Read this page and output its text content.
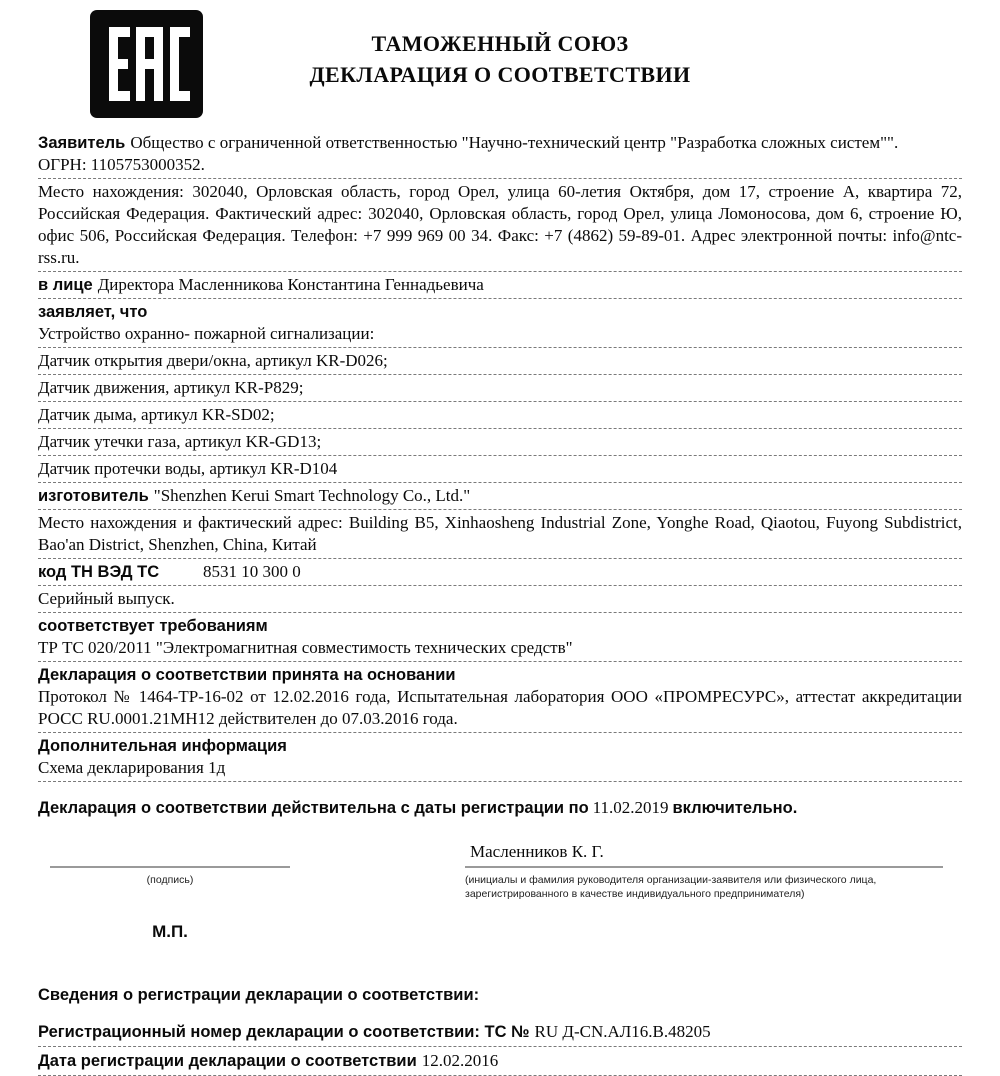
ТАМОЖЕННЫЙ СОЮЗ
ДЕКЛАРАЦИЯ О СООТВЕТСТВИИ
Заявитель Общество с ограниченной ответственностью "Научно-технический центр "Разработка сложных систем"".
ОГРН: 1105753000352.
Место нахождения: 302040, Орловская область, город Орел, улица 60-летия Октября, дом 17, строение А, квартира 72, Российская Федерация. Фактический адрес: 302040, Орловская область, город Орел, улица Ломоносова, дом 6, строение Ю, офис 506, Российская Федерация. Телефон: +7 999 969 00 34. Факс: +7 (4862) 59-89-01. Адрес электронной почты: info@ntc-rss.ru.
в лице Директора Масленникова Константина Геннадьевича
заявляет, что
Устройство охранно- пожарной сигнализации:
Датчик открытия двери/окна, артикул KR-D026;
Датчик движения, артикул KR-P829;
Датчик дыма, артикул KR-SD02;
Датчик утечки газа, артикул KR-GD13;
Датчик протечки воды, артикул KR-D104
изготовитель "Shenzhen Kerui Smart Technology Co., Ltd."
Место нахождения и фактический адрес: Building B5, Xinhaosheng Industrial Zone, Yonghe Road, Qiaotou, Fuyong Subdistrict, Bao'an District, Shenzhen, China, Китай
код ТН ВЭД ТС	8531 10 300 0
Серийный выпуск.
соответствует требованиям
ТР ТС 020/2011 "Электромагнитная совместимость технических средств"
Декларация о соответствии принята на основании
Протокол № 1464-ТР-16-02 от 12.02.2016 года, Испытательная лаборатория ООО «ПРОМРЕСУРС», аттестат аккредитации РОСС RU.0001.21МН12 действителен до 07.03.2016 года.
Дополнительная информация
Схема декларирования 1д
Декларация о соответствии действительна с даты регистрации по 11.02.2019 включительно.
(подпись)
М.П.
Масленников К. Г.
(инициалы и фамилия руководителя организации-заявителя или физического лица, зарегистрированного в качестве индивидуального предпринимателя)
Сведения о регистрации декларации о соответствии:
Регистрационный номер декларации о соответствии: ТС № RU Д-CN.АЛ16.B.48205
Дата регистрации декларации о соответствии 12.02.2016
